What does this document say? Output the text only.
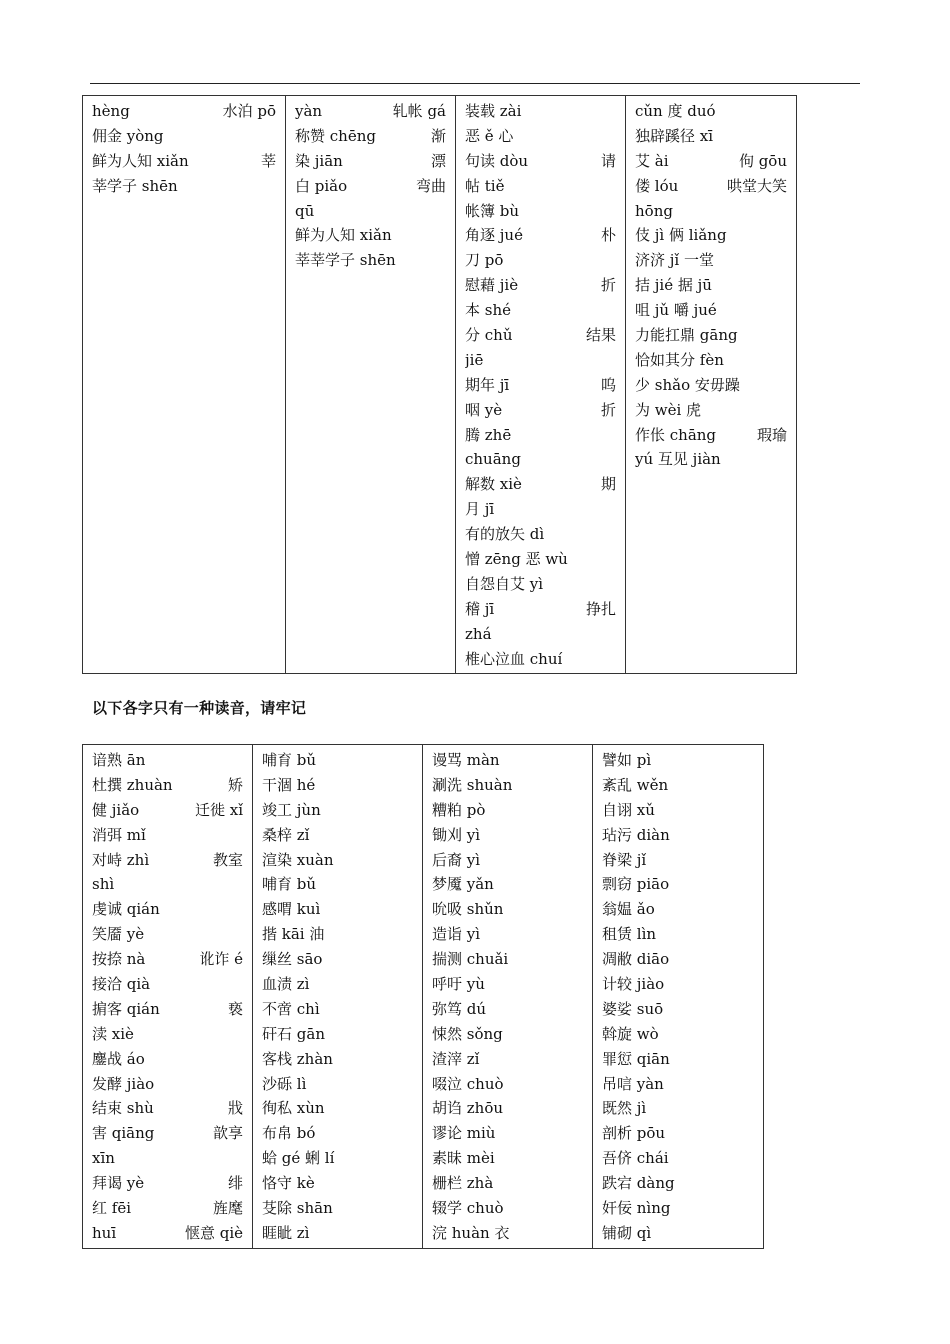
hèng	水泊 pō
佣金 yòng
鲜为人知 xiǎn	莘
莘学子 shēn

yàn	轧帐 gá
称赞 chēng	渐
染 jiān	漂
白 piǎo	弯曲
qū
鲜为人知 xiǎn
莘莘学子 shēn

装载 zài
恶 ě 心
句读 dòu	请
帖 tiě
帐簿 bù
角逐 jué	朴
刀 pō
慰藉 jiè	折
本 shé
分 chǔ	结果
jiē
期年 jī	呜
咽 yè	折
腾 zhē
chuāng
解数 xiè	期
月 jī
有的放矢 dì
憎 zēng 恶 wù
自怨自艾 yì
稽 jī	挣扎
zhá
椎心泣血 chuí

cǔn 度 duó
独辟蹊径 xī
艾 ài	佝 gōu
偻 lóu	哄堂大笑
hōng
伎 jì 俩 liǎng
济济 jǐ 一堂
拮 jié 据 jū
咀 jǔ 嚼 jué
力能扛鼎 gāng
恰如其分 fèn
少 shǎo 安毋躁
为 wèi 虎
作伥 chāng	瑕瑜
yú 互见 jiàn
以下各字只有一种读音，请牢记
谙熟 ān
杜撰 zhuàn	矫
健 jiǎo	迁徙 xǐ
消弭 mǐ
对峙 zhì	教室
shì
虔诚 qián
笑靥 yè
按捺 nà	讹诈 é
接洽 qià
掮客 qián	亵
渎 xiè
鏖战 áo
发酵 jiào
结束 shù	戕
害 qiāng	歆享
xīn
拜谒 yè	绯
红 fēi	旌麾
huī	惬意 qiè

哺育 bǔ
干涸 hé
竣工 jùn
桑梓 zǐ
渲染 xuàn
哺育 bǔ
感喟 kuì
揩 kāi 油
缫丝 sāo
血渍 zì
不啻 chì
矸石 gān
客栈 zhàn
沙砾 lì
徇私 xùn
布帛 bó
蛤 gé 蜊 lí
恪守 kè
芟除 shān
睚眦 zì

谩骂 màn
涮洗 shuàn
糟粕 pò
锄刈 yì
后裔 yì
梦魇 yǎn
吮吸 shǔn
造诣 yì
揣测 chuǎi
呼吁 yù
弥笃 dú
悚然 sǒng
渣滓 zǐ
啜泣 chuò
胡诌 zhōu
谬论 miù
素昧 mèi
栅栏 zhà
辍学 chuò
浣 huàn 衣

譬如 pì
紊乱 wěn
自诩 xǔ
玷污 diàn
脊梁 jǐ
剽窃 piāo
翁媪 ǎo
租赁 lìn
凋敝 diāo
计较 jiào
婆娑 suō
斡旋 wò
罪愆 qiān
吊唁 yàn
既然 jì
剖析 pōu
吾侪 chái
跌宕 dàng
奸佞 nìng
铺砌 qì
